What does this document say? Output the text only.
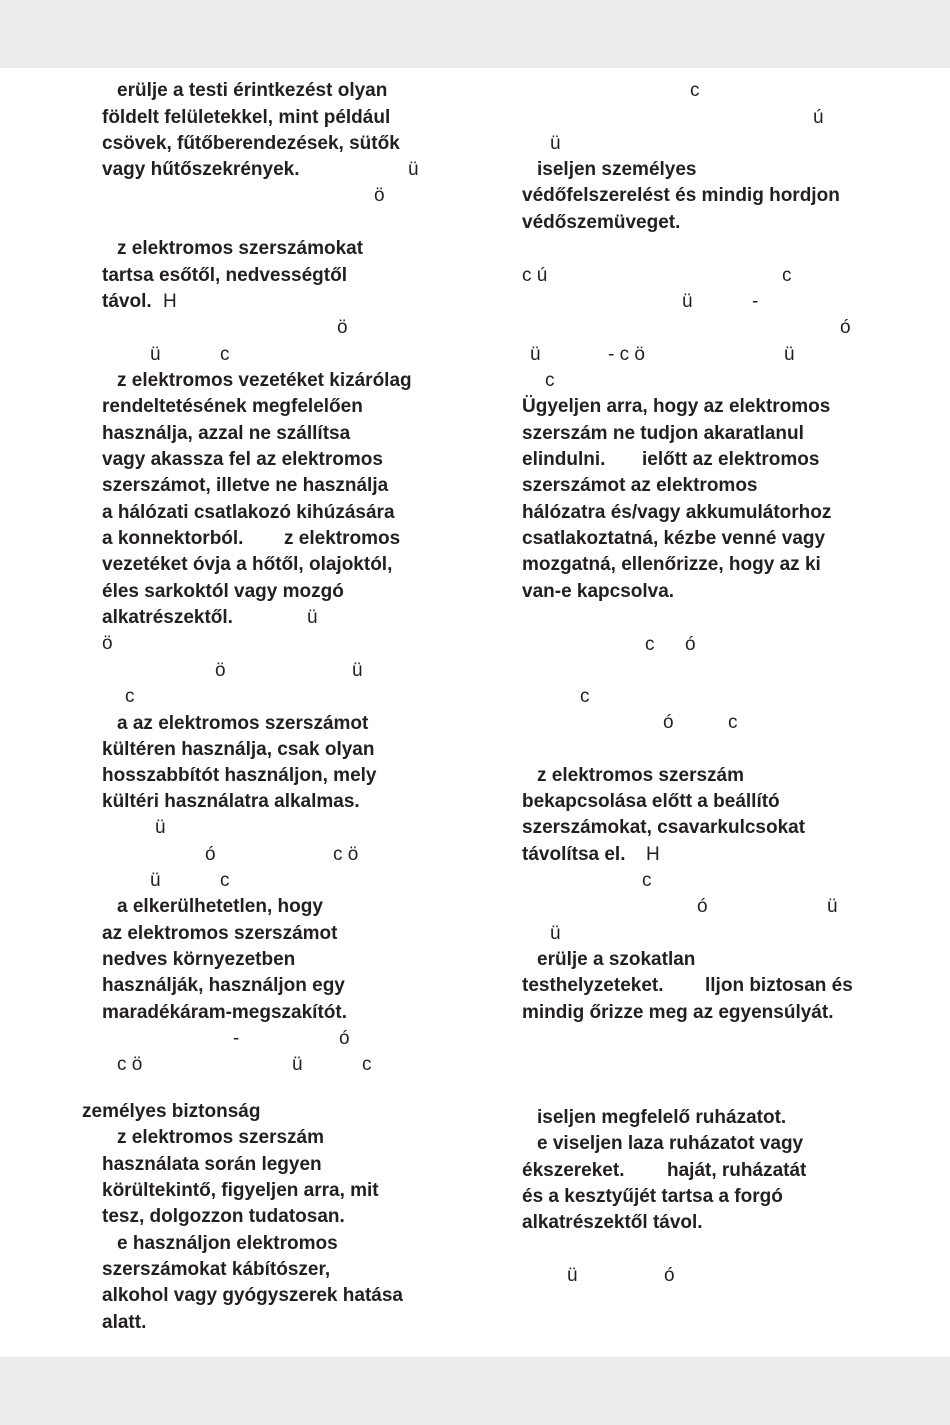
erülje a testi érintkezést olyan
földelt felületekkel, mint például
csövek, fűtőberendezések, sütők
vagy hűtőszekrények.	ü
ö
z elektromos szerszámokat
tartsa esőtől, nedvességtől
távol. H
ö
ü	c
z elektromos vezetéket kizárólag
rendeltetésének megfelelően
használja, azzal ne szállítsa
vagy akassza fel az elektromos
szerszámot, illetve ne használja
a hálózati csatlakozó kihúzására
a konnektorból. z elektromos
vezetéket óvja a hőtől, olajoktól,
éles sarkoktól vagy mozgó
alkatrészektől.	ü
ö
ö	ü
c
a az elektromos szerszámot
kültéren használja, csak olyan
hosszabbítót használjon, mely
kültéri használatra alkalmas.
ü
ó	c ö
ü	c
a elkerülhetetlen, hogy
az elektromos szerszámot
nedves környezetben
használják, használjon egy
maradékáram-megszakítót.
-	ó
c ö	ü	c
zemélyes biztonság
z elektromos szerszám
használata során legyen
körültekintő, figyeljen arra, mit
tesz, dolgozzon tudatosan.
e használjon elektromos
szerszámokat kábítószer,
alkohol vagy gyógyszerek hatása
alatt.
c
ú
ü
iseljen személyes
védőfelszerelést és mindig hordjon
védőszemüveget.
c ú	c
ü	-
ó
ü	- c ö	ü
c
Ügyeljen arra, hogy az elektromos
szerszám ne tudjon akaratlanul
elindulni. ielőtt az elektromos
szerszámot az elektromos
hálózatra és/vagy akkumulátorhoz
csatlakoztatná, kézbe venné vagy
mozgatná, ellenőrizze, hogy az ki
van-e kapcsolva.
c ó
c
ó	c
z elektromos szerszám
bekapcsolása előtt a beállító
szerszámokat, csavarkulcsokat
távolítsa el. H
c
ó	ü
ü
erülje a szokatlan
testhelyzeteket. lljon biztosan és
mindig őrizze meg az egyensúlyát.
iseljen megfelelő ruházatot.
e viseljen laza ruházatot vagy
ékszereket. haját, ruházatát
és a kesztyűjét tartsa a forgó
alkatrészektől távol.
ü	ó
